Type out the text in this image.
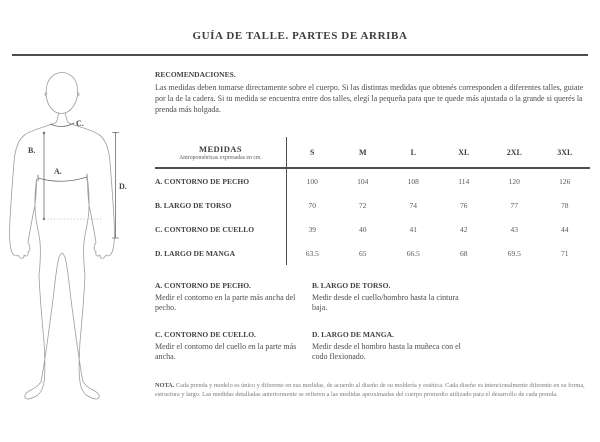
GUÍA DE TALLE. PARTES DE ARRIBA
B.
A.
C.
D.

RECOMENDACIONES.

Las medidas deben tomarse directamente sobre el cuerpo. Si las distintas medidas que obtenés corresponden a diferentes talles, guiate por la de la cadera. Si tu medida se encuentra entre dos talles, elegí la pequeña para que te quede más ajustada o la grande si querés la prenda más holgada.

MEDIDAS
Antropométricas expresadas en cm.
S	M	L	XL	2XL	3XL
A. CONTORNO DE PECHO	100	104	108	114	120	126
B. LARGO DE TORSO	70	72	74	76	77	78
C. CONTORNO DE CUELLO	39	40	41	42	43	44
D. LARGO DE MANGA	63.5	65	66.5	68	69.5	71
A. CONTORNO DE PECHO.

Medir el contorno en la parte más ancha del pecho.

B. LARGO DE TORSO.

Medir desde el cuello/hombro hasta la cintura baja.

C. CONTORNO DE CUELLO.

Medir el contorno del cuello en la parte más ancha.

D. LARGO DE MANGA.

Medir desde el hombro hasta la muñeca con el codo flexionado.

NOTA. Cada prenda y modelo es único y diferente en sus medidas, de acuerdo al diseño de su moldería y estética. Cada diseño es intencionalmente diferente en su forma, estructura y largo. Las medidas detalladas anteriormente se refieren a las medidas aproximadas del cuerpo promedio utilizado para el desarrollo de cada prenda.
